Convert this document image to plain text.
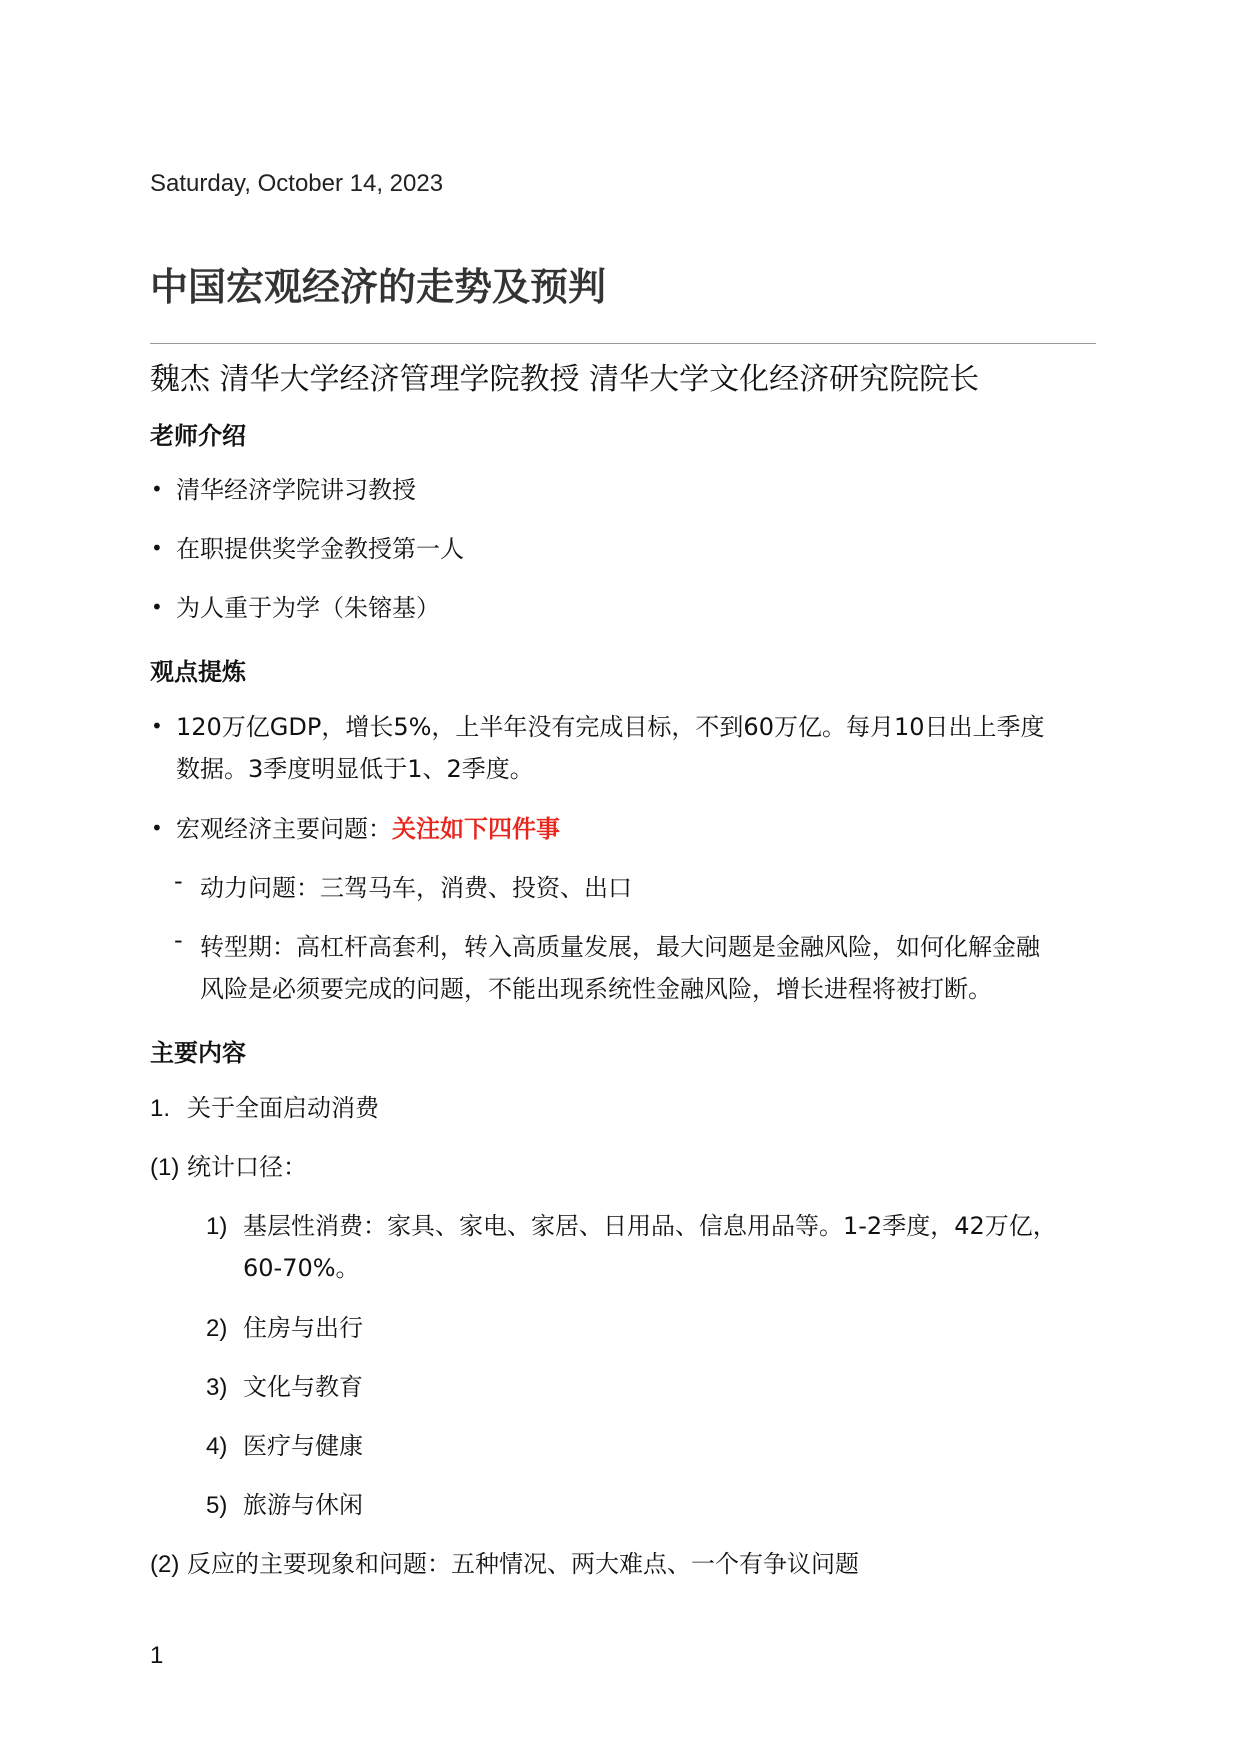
Saturday, October 14, 2023

中国宏观经济的走势及预判

魏杰 清华大学经济管理学院教授 清华大学文化经济研究院院长

老师介绍
• 清华经济学院讲习教授

• 在职提供奖学金教授第一人

• 为人重于为学（朱镕基）

观点提炼
• 120万亿GDP，增长5%，上半年没有完成目标，不到60万亿。每月10日出上季度

数据。3季度明显低于1、2季度。

• 宏观经济主要问题：关注如下四件事

- 动力问题：三驾马车，消费、投资、出口

- 转型期：高杠杆高套利，转入高质量发展，最大问题是金融风险，如何化解金融

风险是必须要完成的问题，不能出现系统性金融风险，增长进程将被打断。

主要内容
1. 关于全面启动消费

(1) 统计口径：

1) 基层性消费：家具、家电、家居、日用品、信息用品等。1-2季度，42万亿，

60-70%。

2) 住房与出行

3) 文化与教育

4) 医疗与健康

5) 旅游与休闲

(2) 反应的主要现象和问题：五种情况、两大难点、一个有争议问题

1
